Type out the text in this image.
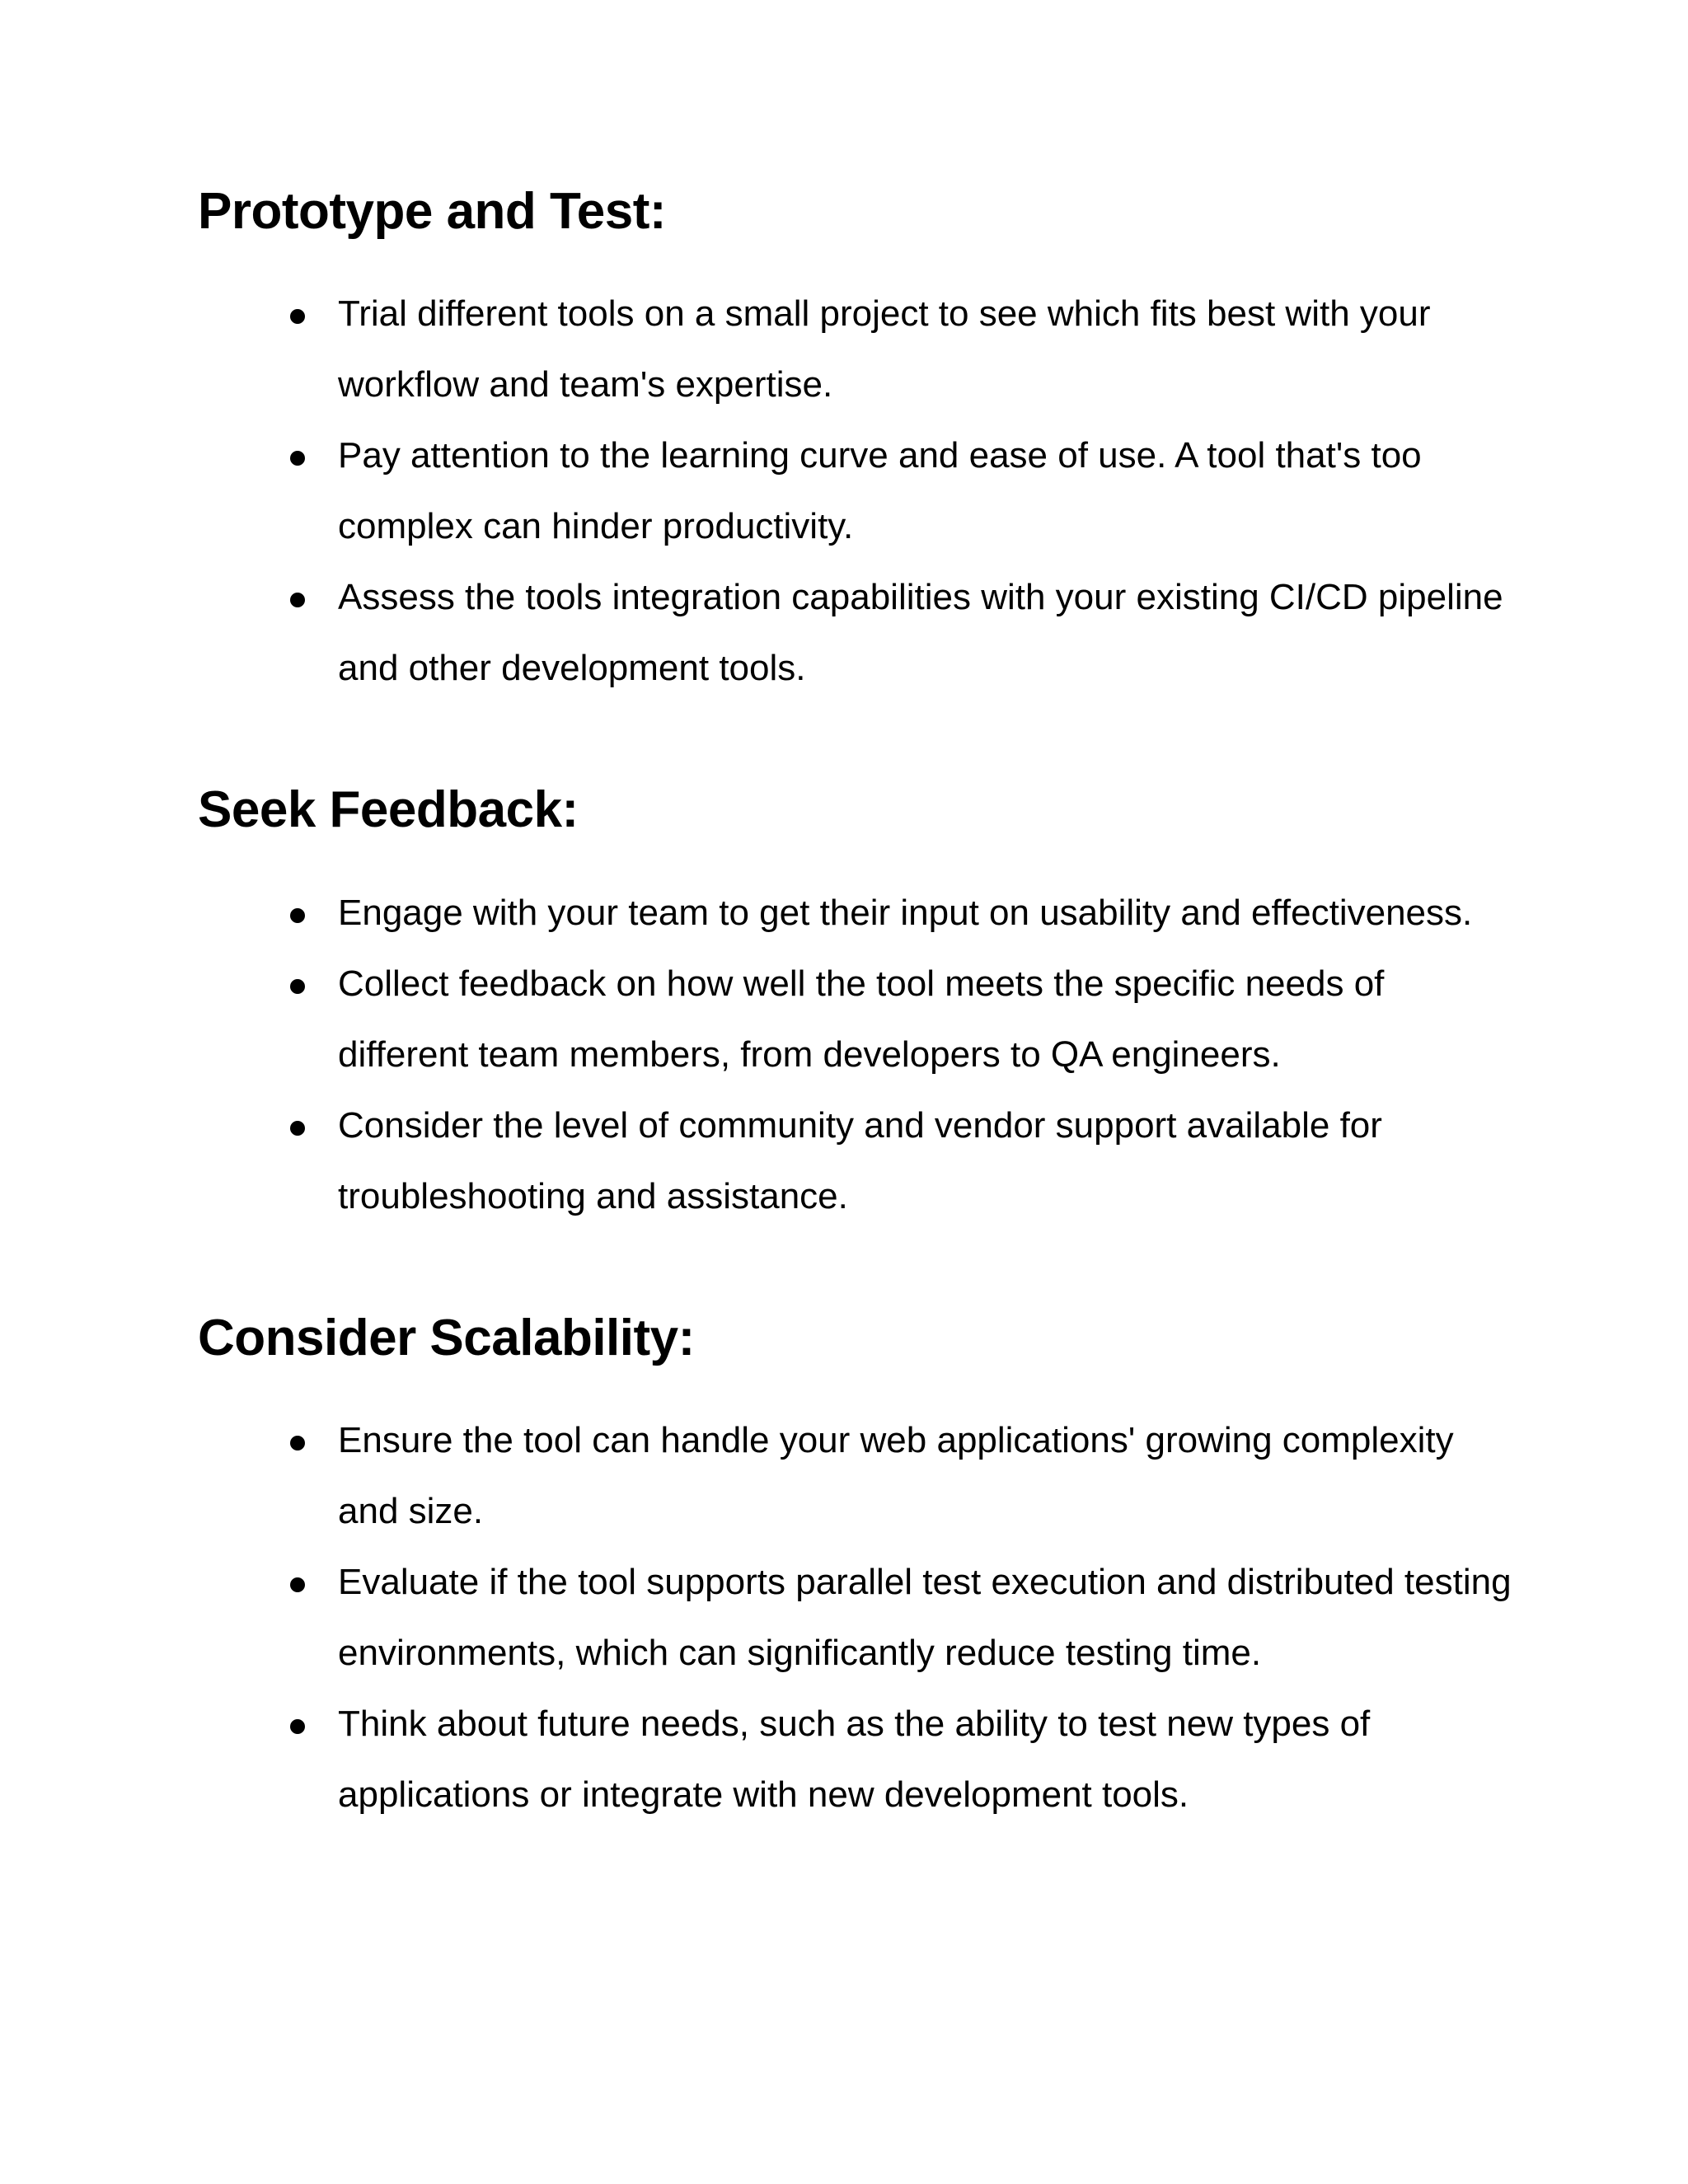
Prototype and Test:
Trial different tools on a small project to see which fits best with your workflow and team's expertise.
Pay attention to the learning curve and ease of use. A tool that's too complex can hinder productivity.
Assess the tools integration capabilities with your existing CI/CD pipeline and other development tools.
Seek Feedback:
Engage with your team to get their input on usability and effectiveness.
Collect feedback on how well the tool meets the specific needs of different team members, from developers to QA engineers.
Consider the level of community and vendor support available for troubleshooting and assistance.
Consider Scalability:
Ensure the tool can handle your web applications' growing complexity and size.
Evaluate if the tool supports parallel test execution and distributed testing environments, which can significantly reduce testing time.
Think about future needs, such as the ability to test new types of applications or integrate with new development tools.
